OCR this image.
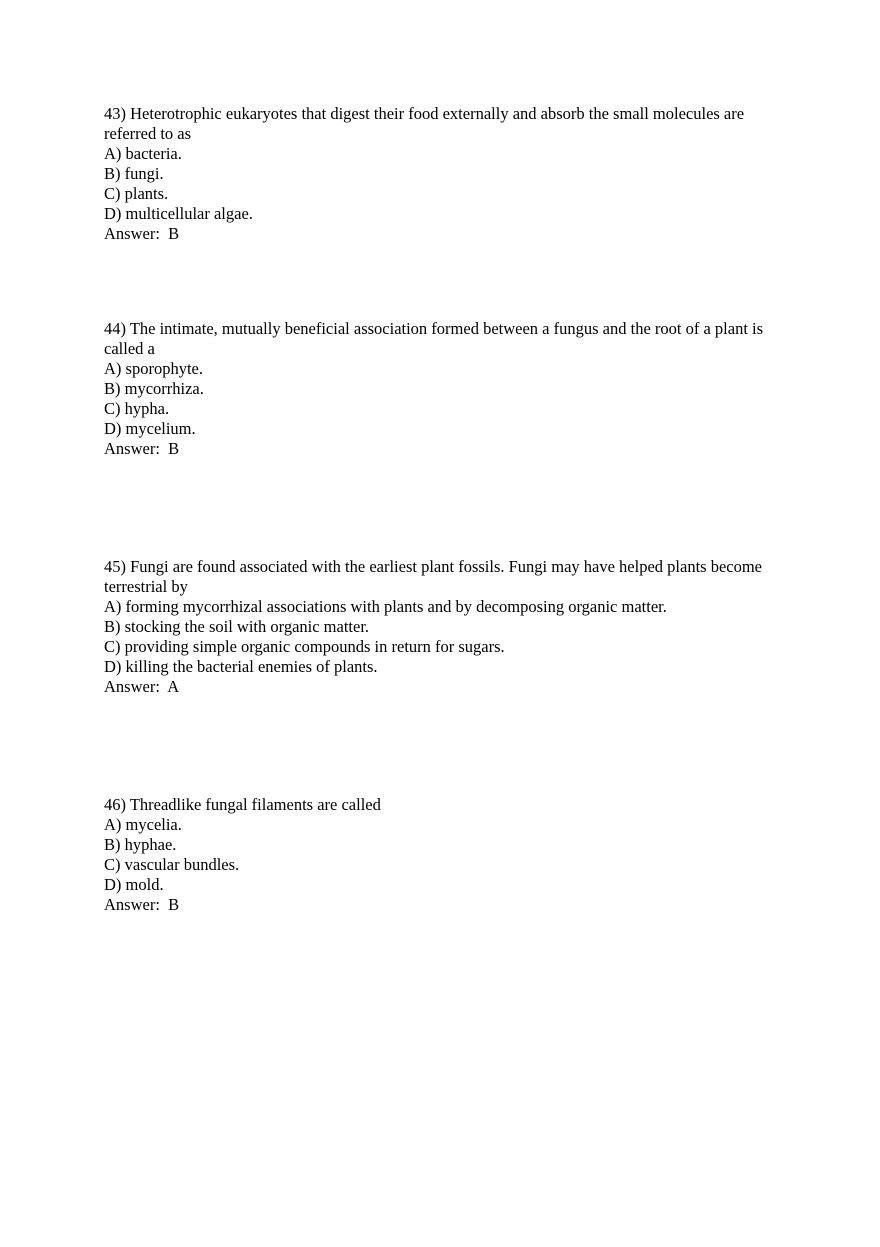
43) Heterotrophic eukaryotes that digest their food externally and absorb the small molecules are referred to as

A) bacteria.

B) fungi.

C) plants.

D) multicellular algae.

Answer:  B

44) The intimate, mutually beneficial association formed between a fungus and the root of a plant is called a

A) sporophyte.

B) mycorrhiza.

C) hypha.

D) mycelium.

Answer:  B

45) Fungi are found associated with the earliest plant fossils. Fungi may have helped plants become terrestrial by

A) forming mycorrhizal associations with plants and by decomposing organic matter.

B) stocking the soil with organic matter.

C) providing simple organic compounds in return for sugars.

D) killing the bacterial enemies of plants.

Answer:  A

46) Threadlike fungal filaments are called

A) mycelia.

B) hyphae.

C) vascular bundles.

D) mold.

Answer:  B
